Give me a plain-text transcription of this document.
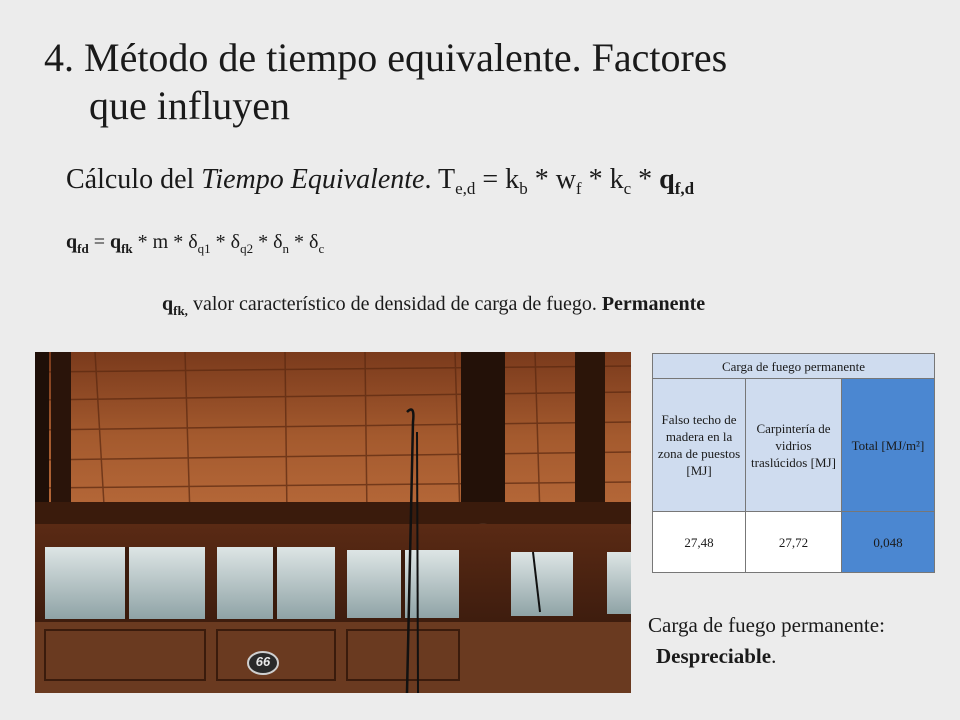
4. Método de tiempo equivalente. Factores
que influyen
Cálculo del Tiempo Equivalente. $T_{e,d} = k_b * w_f * k_c * q_{f,d}$
$q_{fd} = q_{fk} * m * \delta_{q1} * \delta_{q2} * \delta_n * \delta_c$
$q_{fk,}$ valor característico de densidad de carga de fuego. Permanente
66
Carga de fuego permanente		
Falso techo de madera en la zona de puestos [MJ]	Carpintería de vidrios traslúcidos [MJ]	Total [MJ/m²]
27,48	27,72	0,048
Carga de fuego permanente:
Despreciable.
